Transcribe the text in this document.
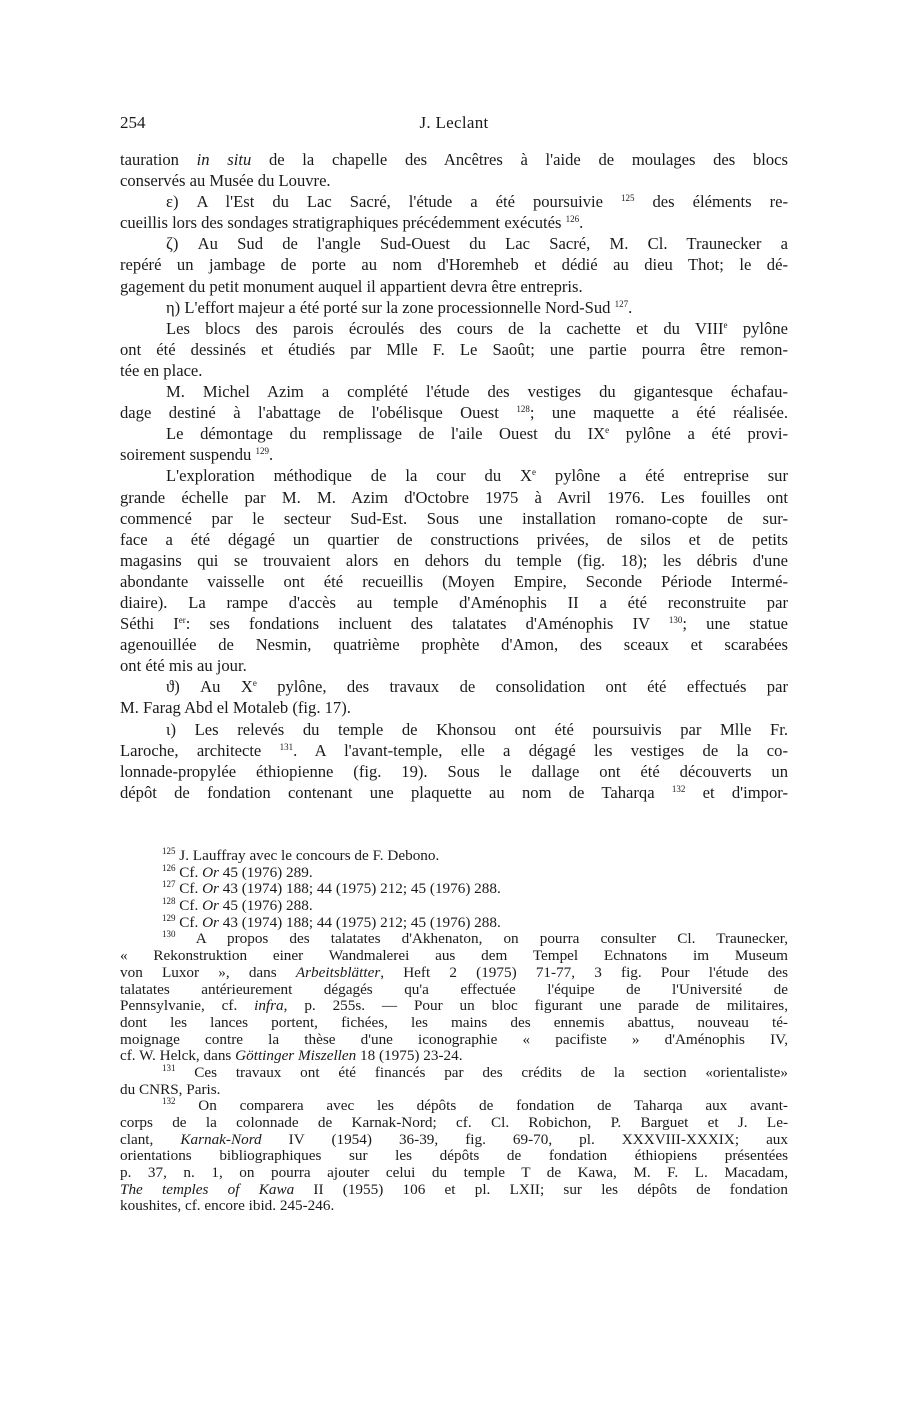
254	J. Leclant
tauration in situ de la chapelle des Ancêtres à l'aide de moulages des blocs
conservés au Musée du Louvre.
ε) A l'Est du Lac Sacré, l'étude a été poursuivie $^{125}$ des éléments re-
cueillis lors des sondages stratigraphiques précédemment exécutés $^{126}$.
ζ) Au Sud de l'angle Sud-Ouest du Lac Sacré, M. Cl. Traunecker a
repéré un jambage de porte au nom d'Horemheb et dédié au dieu Thot; le dé-
gagement du petit monument auquel il appartient devra être entrepris.
η) L'effort majeur a été porté sur la zone processionnelle Nord-Sud $^{127}$.
Les blocs des parois écroulés des cours de la cachette et du VIIIe pylône
ont été dessinés et étudiés par Mlle F. Le Saoût; une partie pourra être remon-
tée en place.
M. Michel Azim a complété l'étude des vestiges du gigantesque échafau-
dage destiné à l'abattage de l'obélisque Ouest $^{128}$; une maquette a été réalisée.
Le démontage du remplissage de l'aile Ouest du IXe pylône a été provi-
soirement suspendu $^{129}$.
L'exploration méthodique de la cour du Xe pylône a été entreprise sur
grande échelle par M. M. Azim d'Octobre 1975 à Avril 1976. Les fouilles ont
commencé par le secteur Sud-Est. Sous une installation romano-copte de sur-
face a été dégagé un quartier de constructions privées, de silos et de petits
magasins qui se trouvaient alors en dehors du temple (fig. 18); les débris d'une
abondante vaisselle ont été recueillis (Moyen Empire, Seconde Période Intermé-
diaire). La rampe d'accès au temple d'Aménophis II a été reconstruite par
Séthi Ier: ses fondations incluent des talatates d'Aménophis IV $^{130}$; une statue
agenouillée de Nesmin, quatrième prophète d'Amon, des sceaux et scarabées
ont été mis au jour.
ϑ) Au Xe pylône, des travaux de consolidation ont été effectués par
M. Farag Abd el Motaleb (fig. 17).
ι) Les relevés du temple de Khonsou ont été poursuivis par Mlle Fr.
Laroche, architecte $^{131}$. A l'avant-temple, elle a dégagé les vestiges de la co-
lonnade-propylée éthiopienne (fig. 19). Sous le dallage ont été découverts un
dépôt de fondation contenant une plaquette au nom de Taharqa $^{132}$ et d'impor-
$^{125}$ J. Lauffray avec le concours de F. Debono.
$^{126}$ Cf. Or 45 (1976) 289.
$^{127}$ Cf. Or 43 (1974) 188; 44 (1975) 212; 45 (1976) 288.
$^{128}$ Cf. Or 45 (1976) 288.
$^{129}$ Cf. Or 43 (1974) 188; 44 (1975) 212; 45 (1976) 288.
$^{130}$ A propos des talatates d'Akhenaton, on pourra consulter Cl. Traunecker,
« Rekonstruktion einer Wandmalerei aus dem Tempel Echnatons im Museum
von Luxor », dans Arbeitsblätter, Heft 2 (1975) 71-77, 3 fig. Pour l'étude des
talatates antérieurement dégagés qu'a effectuée l'équipe de l'Université de
Pennsylvanie, cf. infra, p. 255s. — Pour un bloc figurant une parade de militaires,
dont les lances portent, fichées, les mains des ennemis abattus, nouveau té-
moignage contre la thèse d'une iconographie « pacifiste » d'Aménophis IV,
cf. W. Helck, dans Göttinger Miszellen 18 (1975) 23-24.
$^{131}$ Ces travaux ont été financés par des crédits de la section «orientaliste»
du CNRS, Paris.
$^{132}$ On comparera avec les dépôts de fondation de Taharqa aux avant-
corps de la colonnade de Karnak-Nord; cf. Cl. Robichon, P. Barguet et J. Le-
clant, Karnak-Nord IV (1954) 36-39, fig. 69-70, pl. XXXVIII-XXXIX; aux
orientations bibliographiques sur les dépôts de fondation éthiopiens présentées
p. 37, n. 1, on pourra ajouter celui du temple T de Kawa, M. F. L. Macadam,
The temples of Kawa II (1955) 106 et pl. LXII; sur les dépôts de fondation
koushites, cf. encore ibid. 245-246.
